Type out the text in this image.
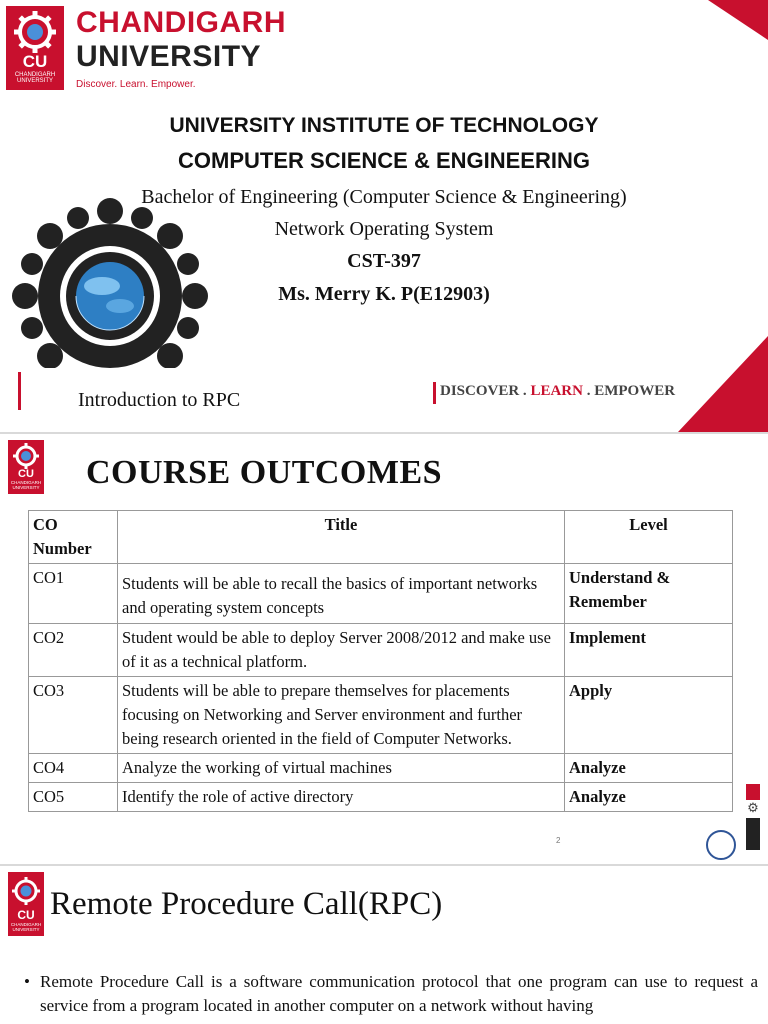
CU
CHANDIGARH
UNIVERSITY
CHANDIGARH
UNIVERSITY
Discover. Learn. Empower.
UNIVERSITY INSTITUTE OF TECHNOLOGY
COMPUTER SCIENCE & ENGINEERING
Bachelor of Engineering (Computer Science & Engineering)
Network Operating System
CST-397
Ms. Merry K. P(E12903)
Introduction to RPC	DISCOVER . LEARN . EMPOWER
CU
CHANDIGARH
UNIVERSITY COURSE OUTCOMES
CO Number	Title	Level
CO1	Students will be able to recall the basics of important networks and operating system concepts	Understand & Remember
CO2	Student would be able to deploy Server 2008/2012 and make use of it as a technical platform.	Implement
CO3	Students will be able to prepare themselves for placements focusing on Networking and Server environment and further being research oriented in the field of Computer Networks.	Apply
CO4	Analyze the working of virtual machines	Analyze
CO5	Identify the role of active directory	Analyze
2
⚙
CU
CHANDIGARH
UNIVERSITY
Remote Procedure Call(RPC)
• Remote Procedure Call is a software communication protocol that one program can use to request a service from a program located in another computer on a network without having
